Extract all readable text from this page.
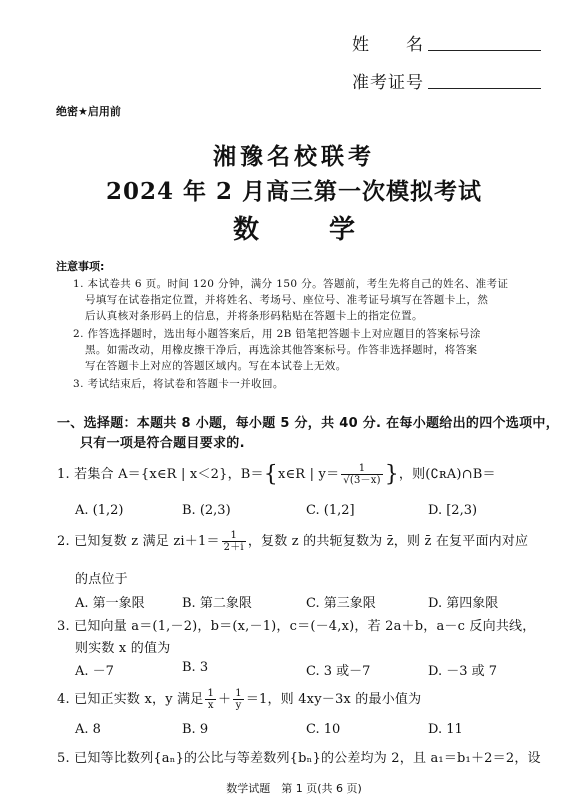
姓　　名
准考证号
绝密★启用前
湘豫名校联考
2024 年 2 月高三第一次模拟考试
数　学
注意事项:
1. 本试卷共 6 页。时间 120 分钟，满分 150 分。答题前，考生先将自己的姓名、准考证
号填写在试卷指定位置，并将姓名、考场号、座位号、准考证号填写在答题卡上，然
后认真核对条形码上的信息，并将条形码粘贴在答题卡上的指定位置。
2. 作答选择题时，选出每小题答案后，用 2B 铅笔把答题卡上对应题目的答案标号涂
黑。如需改动，用橡皮擦干净后，再选涂其他答案标号。作答非选择题时，将答案
写在答题卡上对应的答题区域内。写在本试卷上无效。
3. 考试结束后，将试卷和答题卡一并收回。
一、选择题：本题共 8 小题，每小题 5 分，共 40 分. 在每小题给出的四个选项中，
只有一项是符合题目要求的.
1. 若集合 A＝{x∈R | x＜2}，B＝{x∈R | $y= \frac{1}{√(3-x)}$ }，则(∁ʀA)∩B＝
A. (1,2)	B. (2,3)	C. (1,2]	D. [2,3)
2. 已知复数 z 满足 $zi+1= \frac{1}{2+i}$ ，复数 z 的共轭复数为 z̄，则 z̄ 在复平面内对应
的点位于
A. 第一象限	B. 第二象限	C. 第三象限	D. 第四象限
3. 已知向量 a＝(1,－2)，b＝(x,－1)，c＝(－4,x)，若 2a＋b，a－c 反向共线，
则实数 x 的值为
A. －7	B. 3	C. 3 或－7	D. －3 或 7
4. 已知正实数 x，y 满足 $\frac{1}{x} + \frac{1}{y} =1$，则 4xy－3x 的最小值为
A. 8	B. 9	C. 10	D. 11
5. 已知等比数列{aₙ}的公比与等差数列{bₙ}的公差均为 2，且 a₁＝b₁＋2＝2，设
数学试题　第 1 页(共 6 页)
